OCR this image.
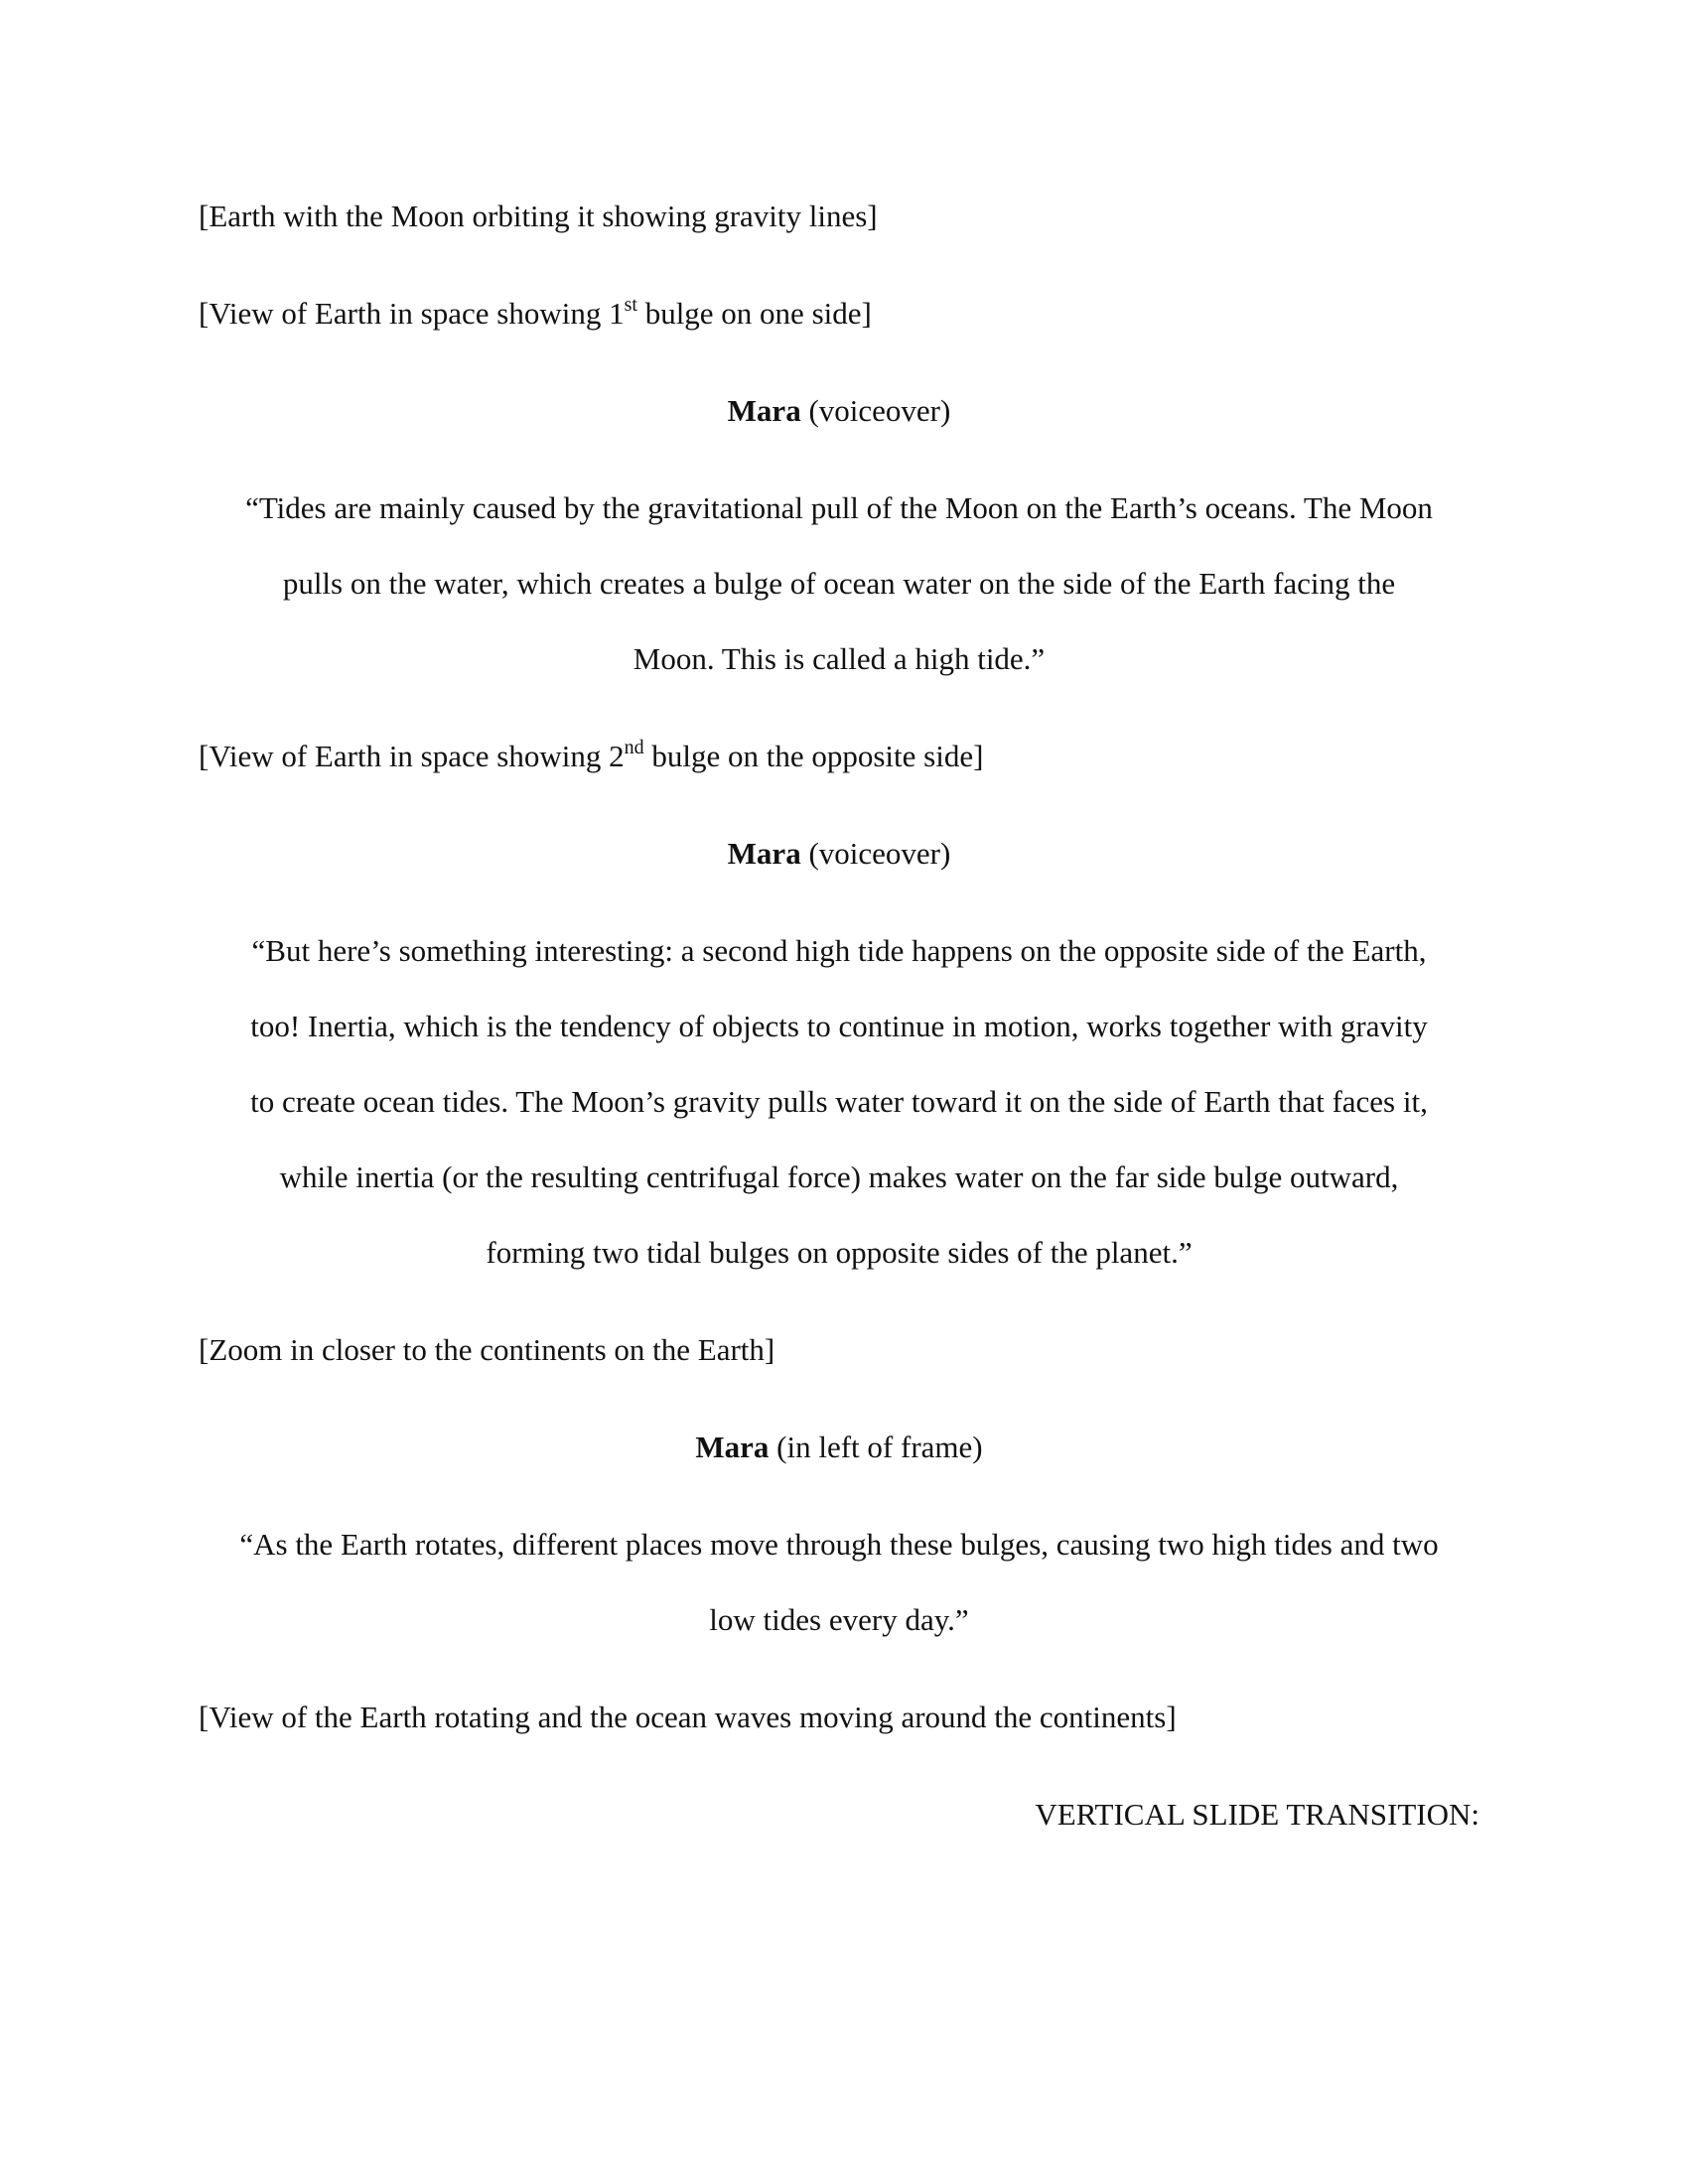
[Earth with the Moon orbiting it showing gravity lines]
[View of Earth in space showing 1st bulge on one side]
Mara (voiceover)
“Tides are mainly caused by the gravitational pull of the Moon on the Earth’s oceans. The Moon
pulls on the water, which creates a bulge of ocean water on the side of the Earth facing the
Moon. This is called a high tide.”
[View of Earth in space showing 2nd bulge on the opposite side]
Mara (voiceover)
“But here’s something interesting: a second high tide happens on the opposite side of the Earth,
too! Inertia, which is the tendency of objects to continue in motion, works together with gravity
to create ocean tides. The Moon’s gravity pulls water toward it on the side of Earth that faces it,
while inertia (or the resulting centrifugal force) makes water on the far side bulge outward,
forming two tidal bulges on opposite sides of the planet.”
[Zoom in closer to the continents on the Earth]
Mara (in left of frame)
“As the Earth rotates, different places move through these bulges, causing two high tides and two
low tides every day.”
[View of the Earth rotating and the ocean waves moving around the continents]
VERTICAL SLIDE TRANSITION:
